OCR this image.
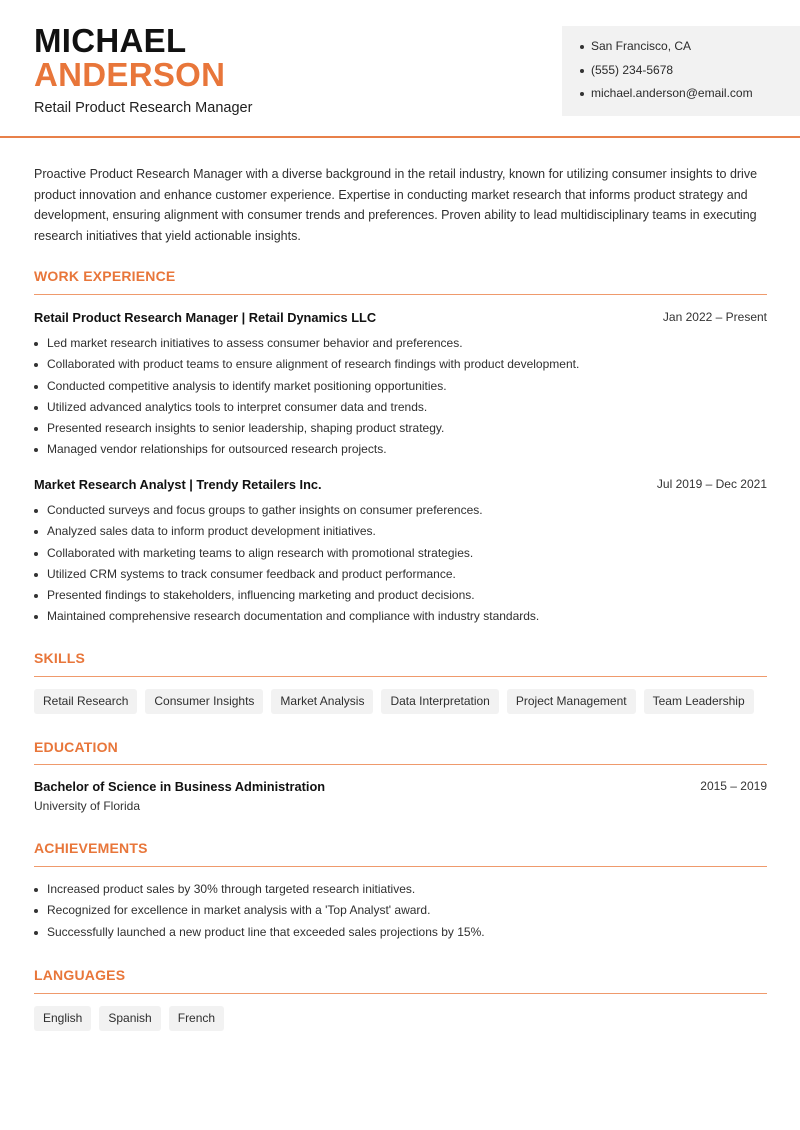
MICHAEL
ANDERSON
Retail Product Research Manager
San Francisco, CA
(555) 234-5678
michael.anderson@email.com

Proactive Product Research Manager with a diverse background in the retail industry, known for utilizing consumer insights to drive product innovation and enhance customer experience. Expertise in conducting market research that informs product strategy and development, ensuring alignment with consumer trends and preferences. Proven ability to lead multidisciplinary teams in executing research initiatives that yield actionable insights.

WORK EXPERIENCE
Retail Product Research Manager | Retail Dynamics LLC	Jan 2022 – Present
Led market research initiatives to assess consumer behavior and preferences.
Collaborated with product teams to ensure alignment of research findings with product development.
Conducted competitive analysis to identify market positioning opportunities.
Utilized advanced analytics tools to interpret consumer data and trends.
Presented research insights to senior leadership, shaping product strategy.
Managed vendor relationships for outsourced research projects.
Market Research Analyst | Trendy Retailers Inc.	Jul 2019 – Dec 2021
Conducted surveys and focus groups to gather insights on consumer preferences.
Analyzed sales data to inform product development initiatives.
Collaborated with marketing teams to align research with promotional strategies.
Utilized CRM systems to track consumer feedback and product performance.
Presented findings to stakeholders, influencing marketing and product decisions.
Maintained comprehensive research documentation and compliance with industry standards.
SKILLS
Retail Research	Consumer Insights	Market Analysis	Data Interpretation	Project Management	Team Leadership
EDUCATION
Bachelor of Science in Business Administration	2015 – 2019
University of Florida
ACHIEVEMENTS
Increased product sales by 30% through targeted research initiatives.
Recognized for excellence in market analysis with a 'Top Analyst' award.
Successfully launched a new product line that exceeded sales projections by 15%.
LANGUAGES
English	Spanish	French
